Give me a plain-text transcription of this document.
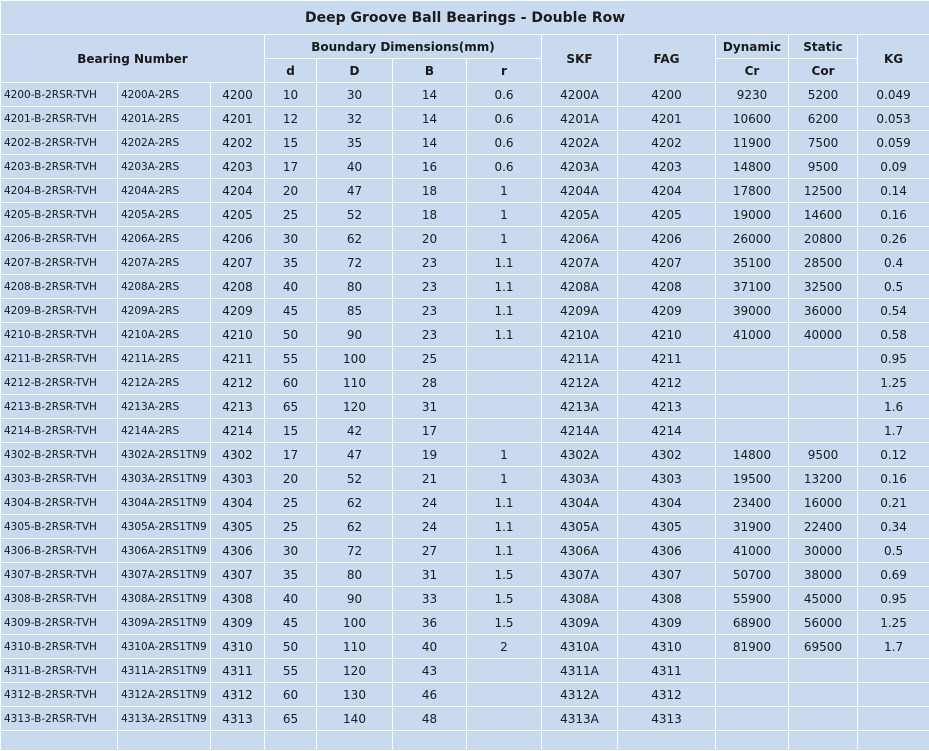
Deep Groove Ball Bearings - Double Row											
Bearing Number			Boundary Dimensions(mm)				SKF	FAG	Dynamic	Static	KG
			d	D	B	r			Cr	Cor	
4200-B-2RSR-TVH	4200A-2RS	4200	10	30	14	0.6	4200A	4200	9230	5200	0.049
4201-B-2RSR-TVH	4201A-2RS	4201	12	32	14	0.6	4201A	4201	10600	6200	0.053
4202-B-2RSR-TVH	4202A-2RS	4202	15	35	14	0.6	4202A	4202	11900	7500	0.059
4203-B-2RSR-TVH	4203A-2RS	4203	17	40	16	0.6	4203A	4203	14800	9500	0.09
4204-B-2RSR-TVH	4204A-2RS	4204	20	47	18	1	4204A	4204	17800	12500	0.14
4205-B-2RSR-TVH	4205A-2RS	4205	25	52	18	1	4205A	4205	19000	14600	0.16
4206-B-2RSR-TVH	4206A-2RS	4206	30	62	20	1	4206A	4206	26000	20800	0.26
4207-B-2RSR-TVH	4207A-2RS	4207	35	72	23	1.1	4207A	4207	35100	28500	0.4
4208-B-2RSR-TVH	4208A-2RS	4208	40	80	23	1.1	4208A	4208	37100	32500	0.5
4209-B-2RSR-TVH	4209A-2RS	4209	45	85	23	1.1	4209A	4209	39000	36000	0.54
4210-B-2RSR-TVH	4210A-2RS	4210	50	90	23	1.1	4210A	4210	41000	40000	0.58
4211-B-2RSR-TVH	4211A-2RS	4211	55	100	25		4211A	4211			0.95
4212-B-2RSR-TVH	4212A-2RS	4212	60	110	28		4212A	4212			1.25
4213-B-2RSR-TVH	4213A-2RS	4213	65	120	31		4213A	4213			1.6
4214-B-2RSR-TVH	4214A-2RS	4214	15	42	17		4214A	4214			1.7
4302-B-2RSR-TVH	4302A-2RS1TN9	4302	17	47	19	1	4302A	4302	14800	9500	0.12
4303-B-2RSR-TVH	4303A-2RS1TN9	4303	20	52	21	1	4303A	4303	19500	13200	0.16
4304-B-2RSR-TVH	4304A-2RS1TN9	4304	25	62	24	1.1	4304A	4304	23400	16000	0.21
4305-B-2RSR-TVH	4305A-2RS1TN9	4305	25	62	24	1.1	4305A	4305	31900	22400	0.34
4306-B-2RSR-TVH	4306A-2RS1TN9	4306	30	72	27	1.1	4306A	4306	41000	30000	0.5
4307-B-2RSR-TVH	4307A-2RS1TN9	4307	35	80	31	1.5	4307A	4307	50700	38000	0.69
4308-B-2RSR-TVH	4308A-2RS1TN9	4308	40	90	33	1.5	4308A	4308	55900	45000	0.95
4309-B-2RSR-TVH	4309A-2RS1TN9	4309	45	100	36	1.5	4309A	4309	68900	56000	1.25
4310-B-2RSR-TVH	4310A-2RS1TN9	4310	50	110	40	2	4310A	4310	81900	69500	1.7
4311-B-2RSR-TVH	4311A-2RS1TN9	4311	55	120	43		4311A	4311			
4312-B-2RSR-TVH	4312A-2RS1TN9	4312	60	130	46		4312A	4312			
4313-B-2RSR-TVH	4313A-2RS1TN9	4313	65	140	48		4313A	4313			
